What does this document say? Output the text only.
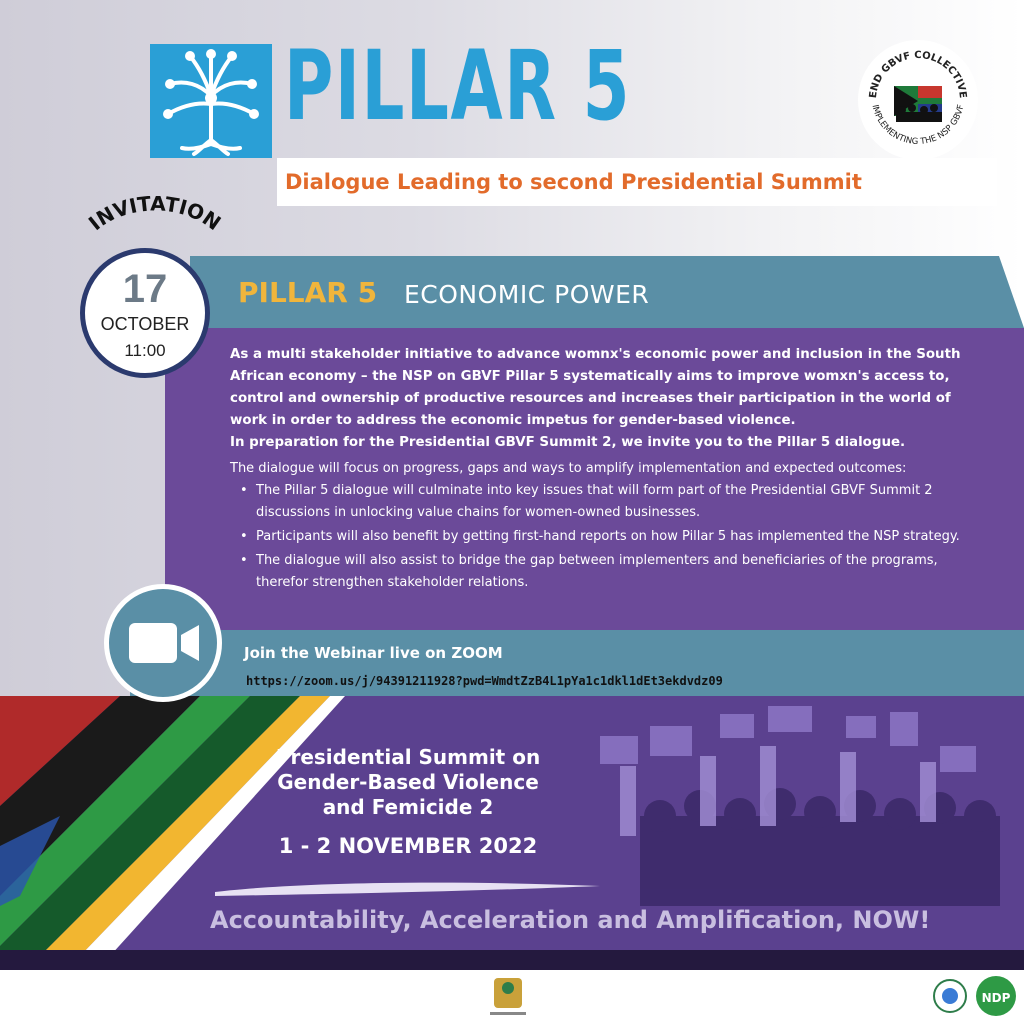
PILLAR 5	END GBVF COLLECTIVE
IMPLEMENTING THE NSP GBVF
Dialogue Leading to second Presidential Summit
INVITATION
PILLAR 5 ECONOMIC POWER
17
OCTOBER
11:00	As a multi stakeholder initiative to advance womnx's economic power and inclusion in the South African economy – the NSP on GBVF Pillar 5 systematically aims to improve womxn's access to, control and ownership of productive resources and increases their participation in the world of work in order to address the economic impetus for gender-based violence.

In preparation for the Presidential GBVF Summit 2, we invite you to the Pillar 5 dialogue.

The dialogue will focus on progress, gaps and ways to amplify implementation and expected outcomes:

• The Pillar 5 dialogue will culminate into key issues that will form part of the Presidential GBVF Summit 2 discussions in unlocking value chains for women-owned businesses.
• Participants will also benefit by getting first-hand reports on how Pillar 5 has implemented the NSP strategy.
• The dialogue will also assist to bridge the gap between implementers and beneficiaries of the programs, therefor strengthen stakeholder relations.
Join the Webinar live on ZOOM
https://zoom.us/j/94391211928?pwd=WmdtZzB4L1pYa1c1dkl1dEt3ekdvdz09
Presidential Summit on
Gender-Based Violence
and Femicide 2
1 - 2 NOVEMBER 2022
Accountability, Acceleration and Amplification, NOW!
NDP
